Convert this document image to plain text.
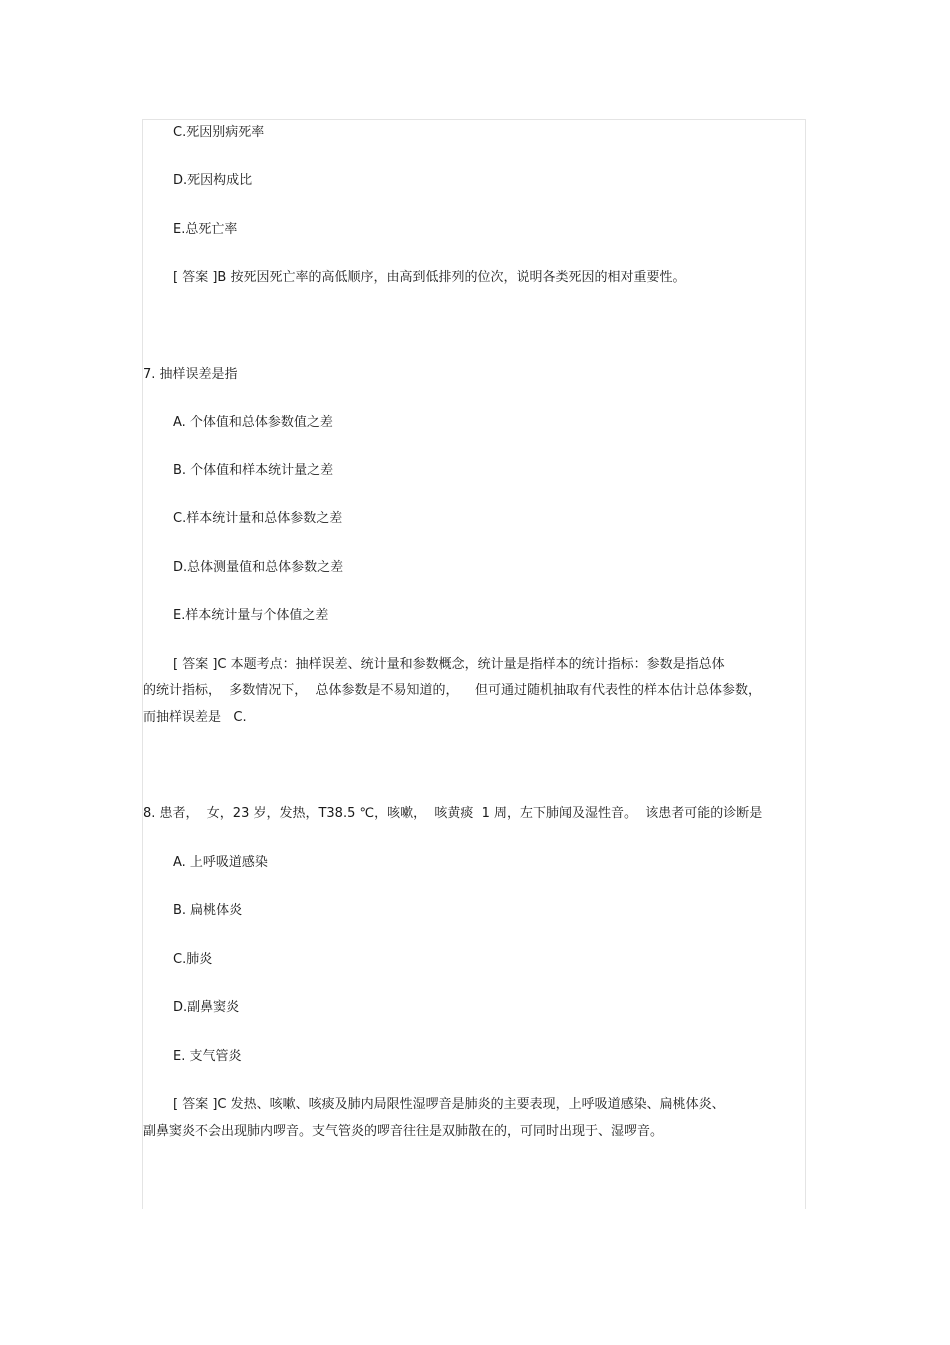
C.死因别病死率
D.死因构成比
E.总死亡率
[ 答案 ]B 按死因死亡率的高低顺序，由高到低排列的位次，说明各类死因的相对重要性。
7. 抽样误差是指
A. 个体值和总体参数值之差
B. 个体值和样本统计量之差
C.样本统计量和总体参数之差
D.总体测量值和总体参数之差
E.样本统计量与个体值之差
[ 答案 ]C 本题考点：抽样误差、统计量和参数概念，统计量是指样本的统计指标：参数是指总体
的统计指标，  多数情况下，  总体参数是不易知道的，    但可通过随机抽取有代表性的样本估计总体参数，
而抽样误差是   C.
8. 患者，  女，23 岁，发热，T38.5 ℃，咳嗽，  咳黄痰  1 周，左下肺闻及湿性音。  该患者可能的诊断是
A. 上呼吸道感染
B. 扁桃体炎
C.肺炎
D.副鼻窦炎
E. 支气管炎
[ 答案 ]C 发热、咳嗽、咳痰及肺内局限性湿啰音是肺炎的主要表现，上呼吸道感染、扁桃体炎、
副鼻窦炎不会出现肺内啰音。支气管炎的啰音往往是双肺散在的，可同时出现于、湿啰音。
